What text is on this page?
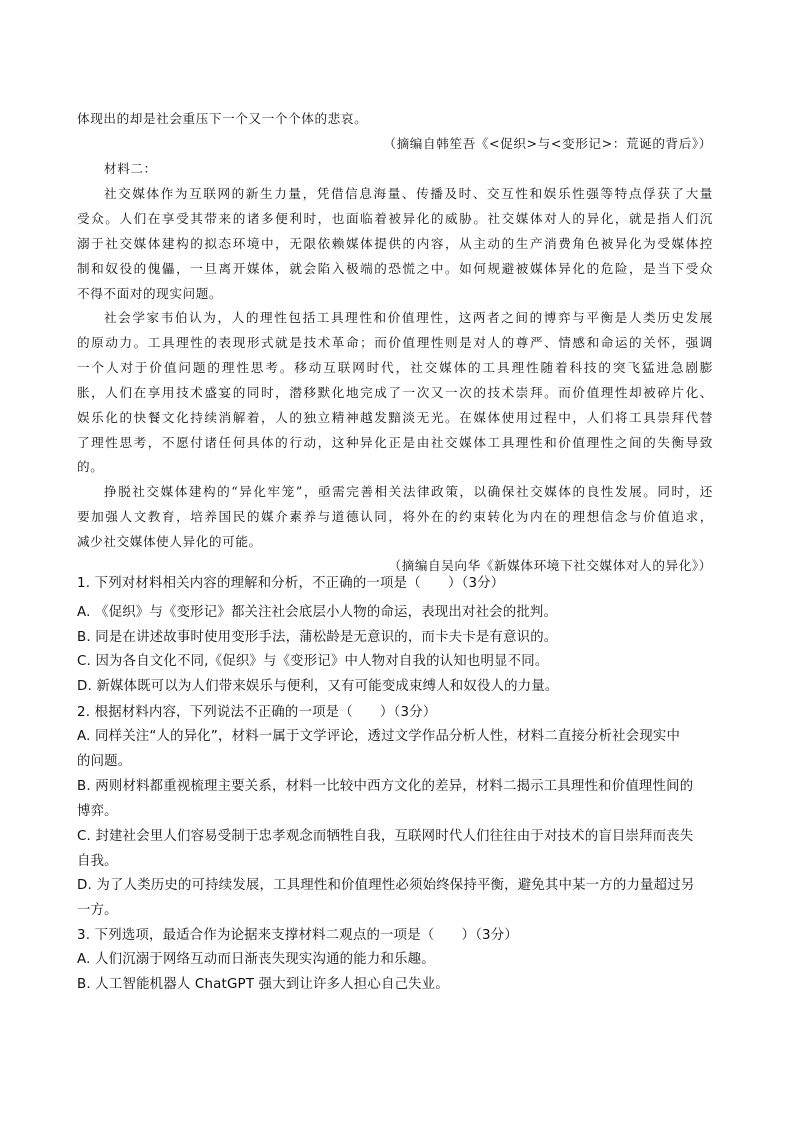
体现出的却是社会重压下一个又一个个体的悲哀。
（摘编自韩笙吾《<促织>与<变形记>：荒诞的背后》）
材料二：
社交媒体作为互联网的新生力量，凭借信息海量、传播及时、交互性和娱乐性强等特点俘获了大量
受众。人们在享受其带来的诸多便利时，也面临着被异化的威胁。社交媒体对人的异化，就是指人们沉
溺于社交媒体建构的拟态环境中，无限依赖媒体提供的内容，从主动的生产消费角色被异化为受媒体控
制和奴役的傀儡，一旦离开媒体，就会陷入极端的恐慌之中。如何规避被媒体异化的危险，是当下受众
不得不面对的现实问题。
社会学家韦伯认为，人的理性包括工具理性和价值理性，这两者之间的博弈与平衡是人类历史发展
的原动力。工具理性的表现形式就是技术革命；而价值理性则是对人的尊严、情感和命运的关怀，强调
一个人对于价值问题的理性思考。移动互联网时代，社交媒体的工具理性随着科技的突飞猛进急剧膨
胀，人们在享用技术盛宴的同时，潜移默化地完成了一次又一次的技术崇拜。而价值理性却被碎片化、
娱乐化的快餐文化持续消解着，人的独立精神越发黯淡无光。在媒体使用过程中，人们将工具崇拜代替
了理性思考，不愿付诸任何具体的行动，这种异化正是由社交媒体工具理性和价值理性之间的失衡导致
的。
挣脱社交媒体建构的“异化牢笼”，亟需完善相关法律政策，以确保社交媒体的良性发展。同时，还
要加强人文教育，培养国民的媒介素养与道德认同，将外在的约束转化为内在的理想信念与价值追求，
减少社交媒体使人异化的可能。
（摘编自吴向华《新媒体环境下社交媒体对人的异化》）
1. 下列对材料相关内容的理解和分析，不正确的一项是（　　）（3分）
A. 《促织》与《变形记》都关注社会底层小人物的命运，表现出对社会的批判。
B. 同是在讲述故事时使用变形手法，蒲松龄是无意识的，而卡夫卡是有意识的。
C. 因为各自文化不同,《促织》与《变形记》中人物对自我的认知也明显不同。
D. 新媒体既可以为人们带来娱乐与便利，又有可能变成束缚人和奴役人的力量。
2. 根据材料内容，下列说法不正确的一项是（　　）（3分）
A. 同样关注“人的异化”，材料一属于文学评论，透过文学作品分析人性，材料二直接分析社会现实中
的问题。
B. 两则材料都重视梳理主要关系，材料一比较中西方文化的差异，材料二揭示工具理性和价值理性间的
博弈。
C. 封建社会里人们容易受制于忠孝观念而牺牲自我，互联网时代人们往往由于对技术的盲目崇拜而丧失
自我。
D. 为了人类历史的可持续发展，工具理性和价值理性必须始终保持平衡，避免其中某一方的力量超过另
一方。
3. 下列选项，最适合作为论据来支撑材料二观点的一项是（　　）（3分）
A. 人们沉溺于网络互动而日渐丧失现实沟通的能力和乐趣。
B. 人工智能机器人 ChatGPT 强大到让许多人担心自己失业。
